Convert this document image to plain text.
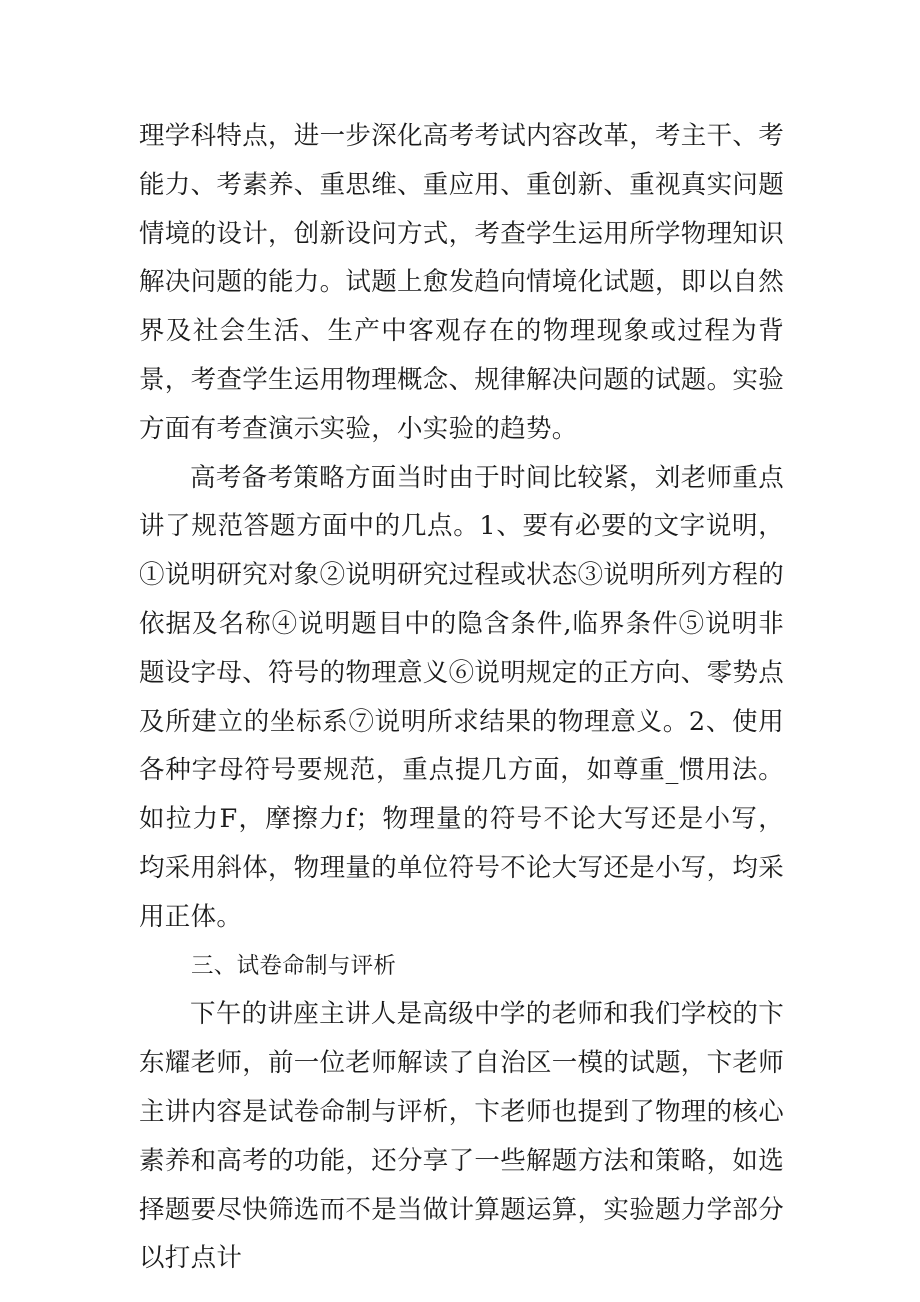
理学科特点，进一步深化高考考试内容改革，考主干、考能力、考素养、重思维、重应用、重创新、重视真实问题情境的设计，创新设问方式，考查学生运用所学物理知识解决问题的能力。试题上愈发趋向情境化试题，即以自然界及社会生活、生产中客观存在的物理现象或过程为背景，考查学生运用物理概念、规律解决问题的试题。实验方面有考查演示实验，小实验的趋势。

高考备考策略方面当时由于时间比较紧，刘老师重点讲了规范答题方面中的几点。1、要有必要的文字说明，①说明研究对象②说明研究过程或状态③说明所列方程的依据及名称④说明题目中的隐含条件,临界条件⑤说明非题设字母、符号的物理意义⑥说明规定的正方向、零势点及所建立的坐标系⑦说明所求结果的物理意义。2、使用各种字母符号要规范，重点提几方面，如尊重_惯用法。如拉力F，摩擦力f；物理量的符号不论大写还是小写，均采用斜体，物理量的单位符号不论大写还是小写，均采用正体。

三、试卷命制与评析

下午的讲座主讲人是高级中学的老师和我们学校的卞东耀老师，前一位老师解读了自治区一模的试题，卞老师主讲内容是试卷命制与评析，卞老师也提到了物理的核心素养和高考的功能，还分享了一些解题方法和策略，如选择题要尽快筛选而不是当做计算题运算，实验题力学部分以打点计
